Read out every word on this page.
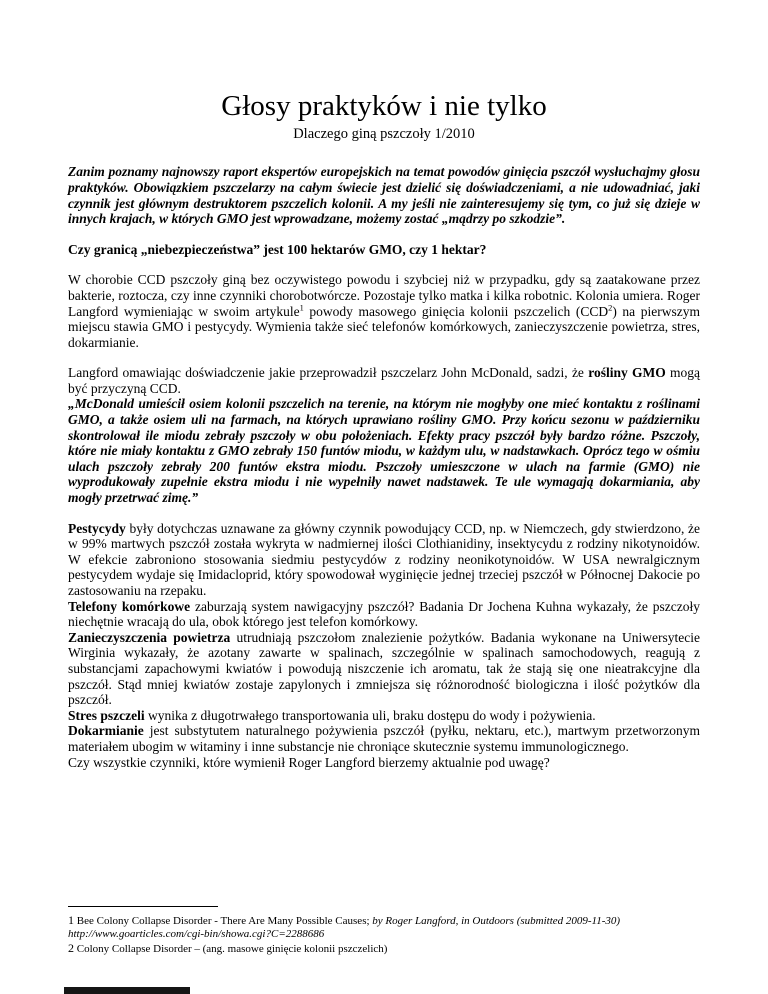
Głosy praktyków i nie tylko
Dlaczego giną pszczoły 1/2010

Zanim poznamy najnowszy raport ekspertów europejskich na temat powodów ginięcia pszczół wysłuchajmy głosu praktyków. Obowiązkiem pszczelarzy na całym świecie jest dzielić się doświadczeniami, a nie udowadniać, jaki czynnik jest głównym destruktorem pszczelich kolonii. A my jeśli nie zainteresujemy się tym, co już się dzieje w innych krajach, w których GMO jest wprowadzane, możemy zostać „mądrzy po szkodzie”.

Czy granicą „niebezpieczeństwa” jest 100 hektarów GMO, czy 1 hektar?

W chorobie CCD pszczoły giną bez oczywistego powodu i szybciej niż w przypadku, gdy są zaatakowane przez bakterie, roztocza, czy inne czynniki chorobotwórcze. Pozostaje tylko matka i kilka robotnic. Kolonia umiera. Roger Langford wymieniając w swoim artykule$^1$ powody masowego ginięcia kolonii pszczelich (CCD$^2$) na pierwszym miejscu stawia GMO i pestycydy. Wymienia także sieć telefonów komórkowych, zanieczyszczenie powietrza, stres, dokarmianie.

Langford omawiając doświadczenie jakie przeprowadził pszczelarz John McDonald, sadzi, że rośliny GMO mogą być przyczyną CCD.
„McDonald umieścił osiem kolonii pszczelich na terenie, na którym nie mogłyby one mieć kontaktu z roślinami GMO, a także osiem uli na farmach, na których uprawiano rośliny GMO. Przy końcu sezonu w październiku skontrolował ile miodu zebrały pszczoły w obu położeniach. Efekty pracy pszczół były bardzo różne. Pszczoły, które nie miały kontaktu z GMO zebrały 150 funtów miodu, w każdym ulu, w nadstawkach. Oprócz tego w ośmiu ulach pszczoły zebrały 200 funtów ekstra miodu. Pszczoły umieszczone w ulach na farmie (GMO) nie wyprodukowały zupełnie ekstra miodu i nie wypełniły nawet nadstawek. Te ule wymagają dokarmiania, aby mogły przetrwać zimę.”

Pestycydy były dotychczas uznawane za główny czynnik powodujący CCD, np. w Niemczech, gdy stwierdzono, że w 99% martwych pszczół została wykryta w nadmiernej ilości Clothianidiny, insektycydu z rodziny nikotynoidów. W efekcie zabroniono stosowania siedmiu pestycydów z rodziny neonikotynoidów. W USA newralgicznym pestycydem wydaje się Imidacloprid, który spowodował wyginięcie jednej trzeciej pszczół w Północnej Dakocie po zastosowaniu na rzepaku.
Telefony komórkowe zaburzają system nawigacyjny pszczół? Badania Dr Jochena Kuhna wykazały, że pszczoły niechętnie wracają do ula, obok którego jest telefon komórkowy.
Zanieczyszczenia powietrza utrudniają pszczołom znalezienie pożytków. Badania wykonane na Uniwersytecie Wirginia wykazały, że azotany zawarte w spalinach, szczególnie w spalinach samochodowych, reagują z substancjami zapachowymi kwiatów i powodują niszczenie ich aromatu, tak że stają się one nieatrakcyjne dla pszczół. Stąd mniej kwiatów zostaje zapylonych i zmniejsza się różnorodność biologiczna i ilość pożytków dla pszczół.
Stres pszczeli wynika z długotrwałego transportowania uli, braku dostępu do wody i pożywienia.
Dokarmianie jest substytutem naturalnego pożywienia pszczół (pyłku, nektaru, etc.), martwym przetworzonym materiałem ubogim w witaminy i inne substancje nie chroniące skutecznie systemu immunologicznego.
Czy wszystkie czynniki, które wymienił Roger Langford bierzemy aktualnie pod uwagę?
1 Bee Colony Collapse Disorder - There Are Many Possible Causes; by Roger Langford, in Outdoors (submitted 2009-11-30) http://www.goarticles.com/cgi-bin/showa.cgi?C=2288686
2 Colony Collapse Disorder – (ang. masowe ginięcie kolonii pszczelich)
